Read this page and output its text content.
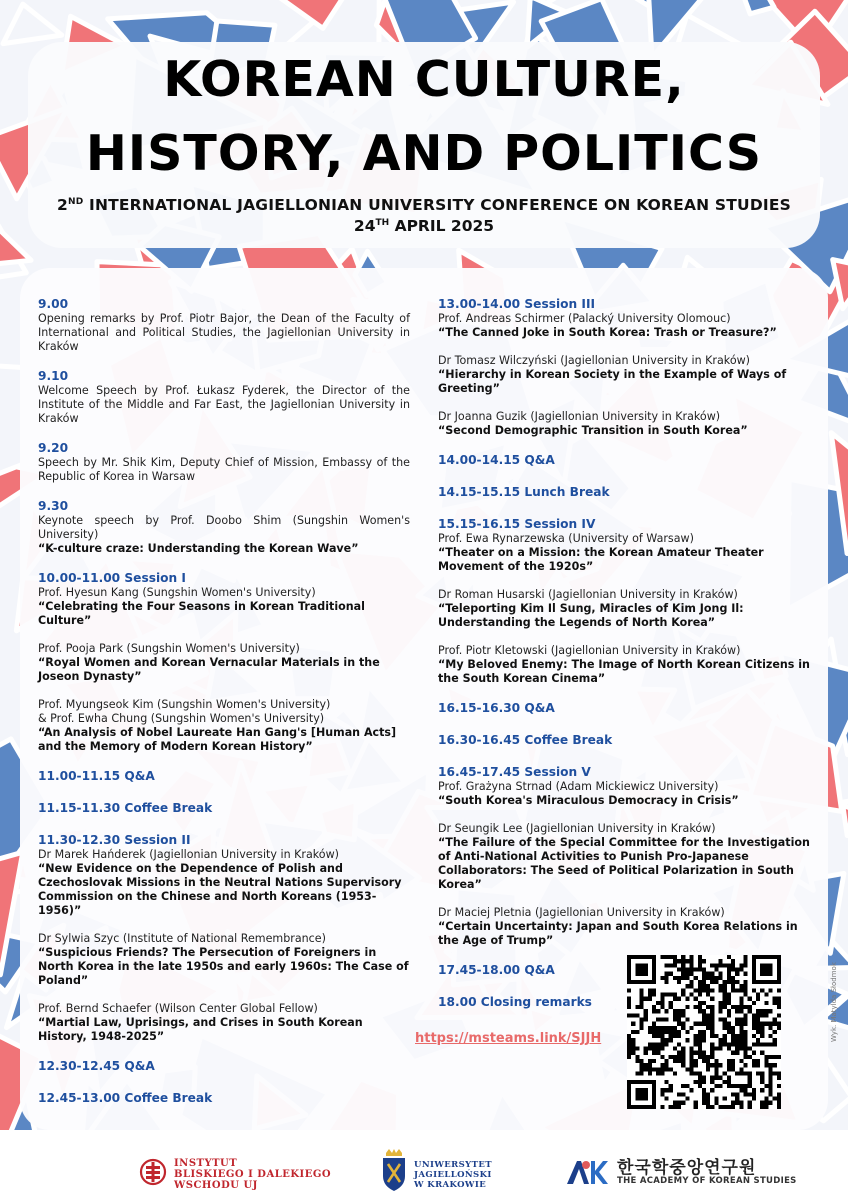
KOREAN CULTURE,
HISTORY, AND POLITICS
2ND INTERNATIONAL JAGIELLONIAN UNIVERSITY CONFERENCE ON KOREAN STUDIES
24TH APRIL 2025
9.00
Opening remarks by Prof. Piotr Bajor, the Dean of the Faculty of International and Political Studies, the Jagiellonian University in Kraków
9.10
Welcome Speech by Prof. Łukasz Fyderek, the Director of the Institute of the Middle and Far East, the Jagiellonian University in Kraków
9.20
Speech by Mr. Shik Kim, Deputy Chief of Mission, Embassy of the Republic of Korea in Warsaw
9.30
Keynote speech by Prof. Doobo Shim (Sungshin Women's University)
“ K-culture craze: Understanding the Korean Wave ”
10.00-11.00 Session I
Prof. Hyesun Kang (Sungshin Women's University)
“ Celebrating the Four Seasons in Korean Traditional Culture ”
Prof. Pooja Park (Sungshin Women's University)
“ Royal Women and Korean Vernacular Materials in the Joseon Dynasty ”
Prof. Myungseok Kim (Sungshin Women's University)
& Prof. Ewha Chung (Sungshin Women's University)
“ An Analysis of Nobel Laureate Han Gang's [Human Acts] and the Memory of Modern Korean History ”
11.00-11.15 Q&A
11.15-11.30 Coffee Break
11.30-12.30 Session II
Dr Marek Hańderek (Jagiellonian University in Kraków)
“ New Evidence on the Dependence of Polish and Czechoslovak Missions in the Neutral Nations Supervisory Commission on the Chinese and North Koreans (1953-1956) ”
Dr Sylwia Szyc (Institute of National Remembrance)
“ Suspicious Friends? The Persecution of Foreigners in North Korea in the late 1950s and early 1960s: The Case of Poland ”
Prof. Bernd Schaefer (Wilson Center Global Fellow)
“ Martial Law, Uprisings, and Crises in South Korean History, 1948-2025 ”
12.30-12.45 Q&A
12.45-13.00 Coffee Break
13.00-14.00 Session III
Prof. Andreas Schirmer (Palacký University Olomouc)
“ The Canned Joke in South Korea: Trash or Treasure? ”
Dr Tomasz Wilczyński (Jagiellonian University in Kraków)
“ Hierarchy in Korean Society in the Example of Ways of Greeting ”
Dr Joanna Guzik (Jagiellonian University in Kraków)
“ Second Demographic Transition in South Korea ”
14.00-14.15 Q&A
14.15-15.15 Lunch Break
15.15-16.15 Session IV
Prof. Ewa Rynarzewska (University of Warsaw)
“ Theater on a Mission: the Korean Amateur Theater Movement of the 1920s ”
Dr Roman Husarski (Jagiellonian University in Kraków)
“ Teleporting Kim Il Sung, Miracles of Kim Jong Il: Understanding the Legends of North Korea ”
Prof. Piotr Kletowski (Jagiellonian University in Kraków)
“ My Beloved Enemy: The Image of North Korean Citizens in the South Korean Cinema ”
16.15-16.30 Q&A
16.30-16.45 Coffee Break
16.45-17.45 Session V
Prof. Grażyna Strnad (Adam Mickiewicz University)
“ South Korea's Miraculous Democracy in Crisis ”
Dr Seungik Lee (Jagiellonian University in Kraków)
“ The Failure of the Special Committee for the Investigation of Anti-National Activities to Punish Pro-Japanese Collaborators: The Seed of Political Polarization in South Korea ”
Dr Maciej Pletnia (Jagiellonian University in Kraków)
“ Certain Uncertainty: Japan and South Korea Relations in the Age of Trump ”
17.45-18.00 Q&A
18.00 Closing remarks
https://msteams.link/SJJH	Wyk. Matylda Słodmok
INSTYTUT
BLISKIEGO I DALEKIEGO
WSCHODU UJ
UNIWERSYTET
JAGIELLOŃSKI
W KRAKOWIE
한국학중앙연구원
THE ACADEMY OF KOREAN STUDIES
